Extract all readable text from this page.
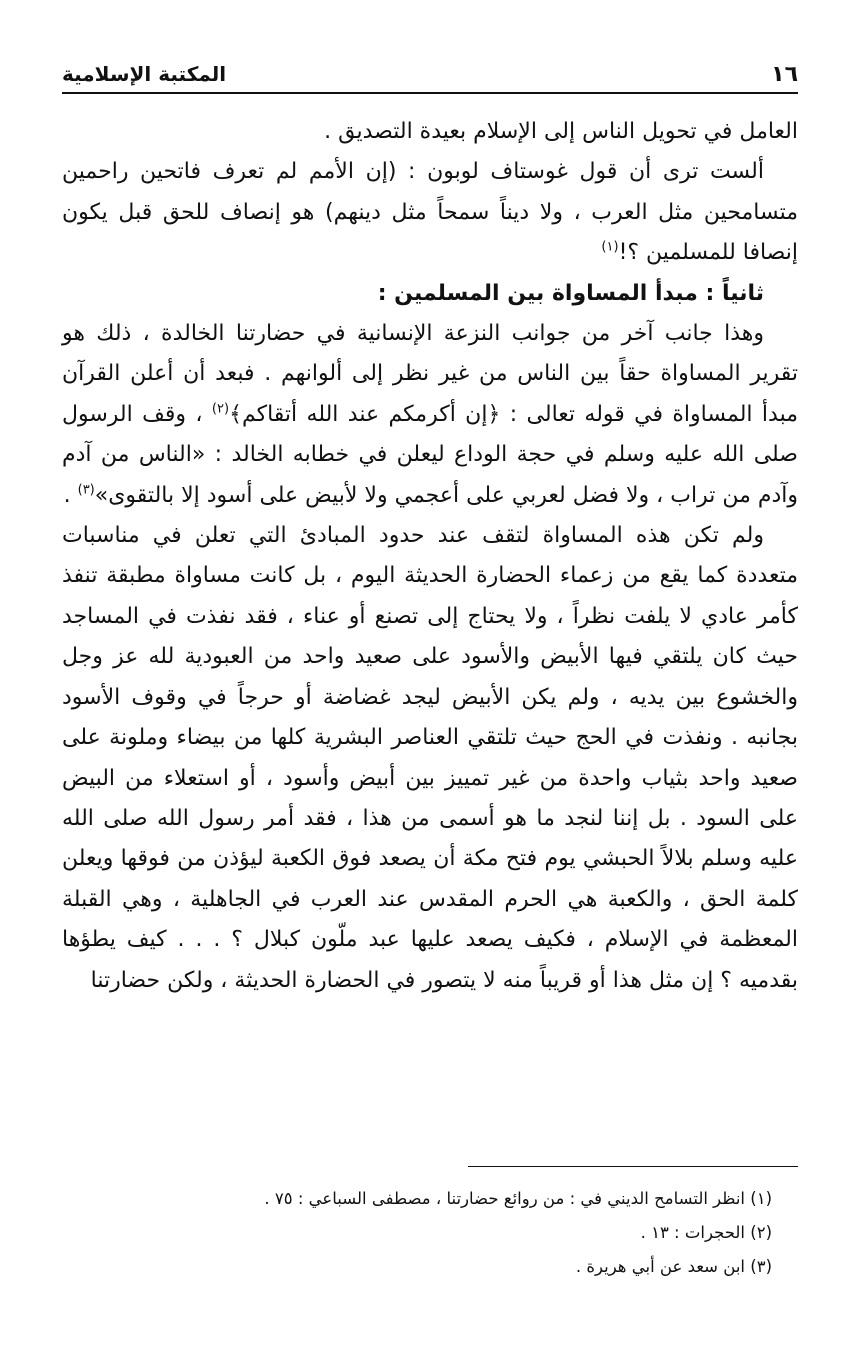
١٦
المكتبة الإسلامية

العامل في تحويل الناس إلى الإسلام بعيدة التصديق .

ألست ترى أن قول غوستاف لوبون : (إن الأمم لم تعرف فاتحين راحمين متسامحين مثل العرب ، ولا ديناً سمحاً مثل دينهم) هو إنصاف للحق قبل يكون إنصافا للمسلمين ؟!$^{(١)}$

ثانياً : مبدأ المساواة بين المسلمين :

وهذا جانب آخر من جوانب النزعة الإنسانية في حضارتنا الخالدة ، ذلك هو تقرير المساواة حقاً بين الناس من غير نظر إلى ألوانهم . فبعد أن أعلن القرآن مبدأ المساواة في قوله تعالى : ﴿إن أكرمكم عند الله أتقاكم﴾$^{(٢)}$ ، وقف الرسول صلى الله عليه وسلم في حجة الوداع ليعلن في خطابه الخالد : «الناس من آدم وآدم من تراب ، ولا فضل لعربي على أعجمي ولا لأبيض على أسود إلا بالتقوى»$^{(٣)}$ .

ولم تكن هذه المساواة لتقف عند حدود المبادئ التي تعلن في مناسبات متعددة كما يقع من زعماء الحضارة الحديثة اليوم ، بل كانت مساواة مطبقة تنفذ كأمر عادي لا يلفت نظراً ، ولا يحتاج إلى تصنع أو عناء ، فقد نفذت في المساجد حيث كان يلتقي فيها الأبيض والأسود على صعيد واحد من العبودية لله عز وجل والخشوع بين يديه ، ولم يكن الأبيض ليجد غضاضة أو حرجاً في وقوف الأسود بجانبه . ونفذت في الحج حيث تلتقي العناصر البشرية كلها من بيضاء وملونة على صعيد واحد بثياب واحدة من غير تمييز بين أبيض وأسود ، أو استعلاء من البيض على السود . بل إننا لنجد ما هو أسمى من هذا ، فقد أمر رسول الله صلى الله عليه وسلم بلالاً الحبشي يوم فتح مكة أن يصعد فوق الكعبة ليؤذن من فوقها ويعلن كلمة الحق ، والكعبة هي الحرم المقدس عند العرب في الجاهلية ، وهي القبلة المعظمة في الإسلام ، فكيف يصعد عليها عبد ملّون كبلال ؟ . . . كيف يطؤها بقدميه ؟ إن مثل هذا أو قريباً منه لا يتصور في الحضارة الحديثة ، ولكن حضارتنا

(١) انظر التسامح الديني في : من روائع حضارتنا ، مصطفى السباعي : ٧٥ .
(٢) الحجرات : ١٣ .
(٣) ابن سعد عن أبي هريرة .
